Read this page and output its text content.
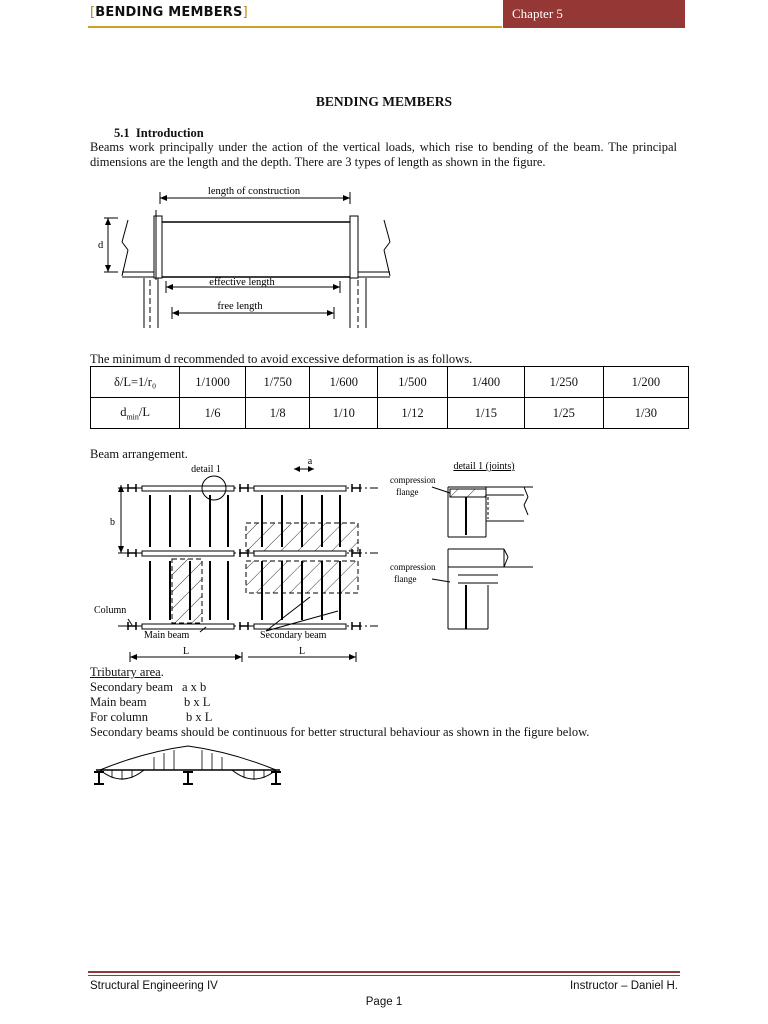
[BENDING MEMBERS]	Chapter 5
BENDING MEMBERS
5.1 Introduction
Beams work principally under the action of the vertical loads, which rise to bending of the beam. The principal dimensions are the length and the depth. There are 3 types of length as shown in the figure.
length of construction
d
effective length
free length
The minimum d recommended to avoid excessive deformation is as follows.
δ/L=1/r₀	1/1000	1/750	1/600	1/500	1/400	1/250	1/200
$d_{min}/L$	1/6	1/8	1/10	1/12	1/15	1/25	1/30
Beam arrangement.
detail 1
a
b
Column
Main beam	Secondary beam
L	L
detail 1 (joints)
compression
flange
compression
flange
Tributary area.
Secondary beam a x b
Main beam	b x L
For column	b x L
Secondary beams should be continuous for better structural behaviour as shown in the figure below.
Structural Engineering IV	Instructor – Daniel H.
Page 1
